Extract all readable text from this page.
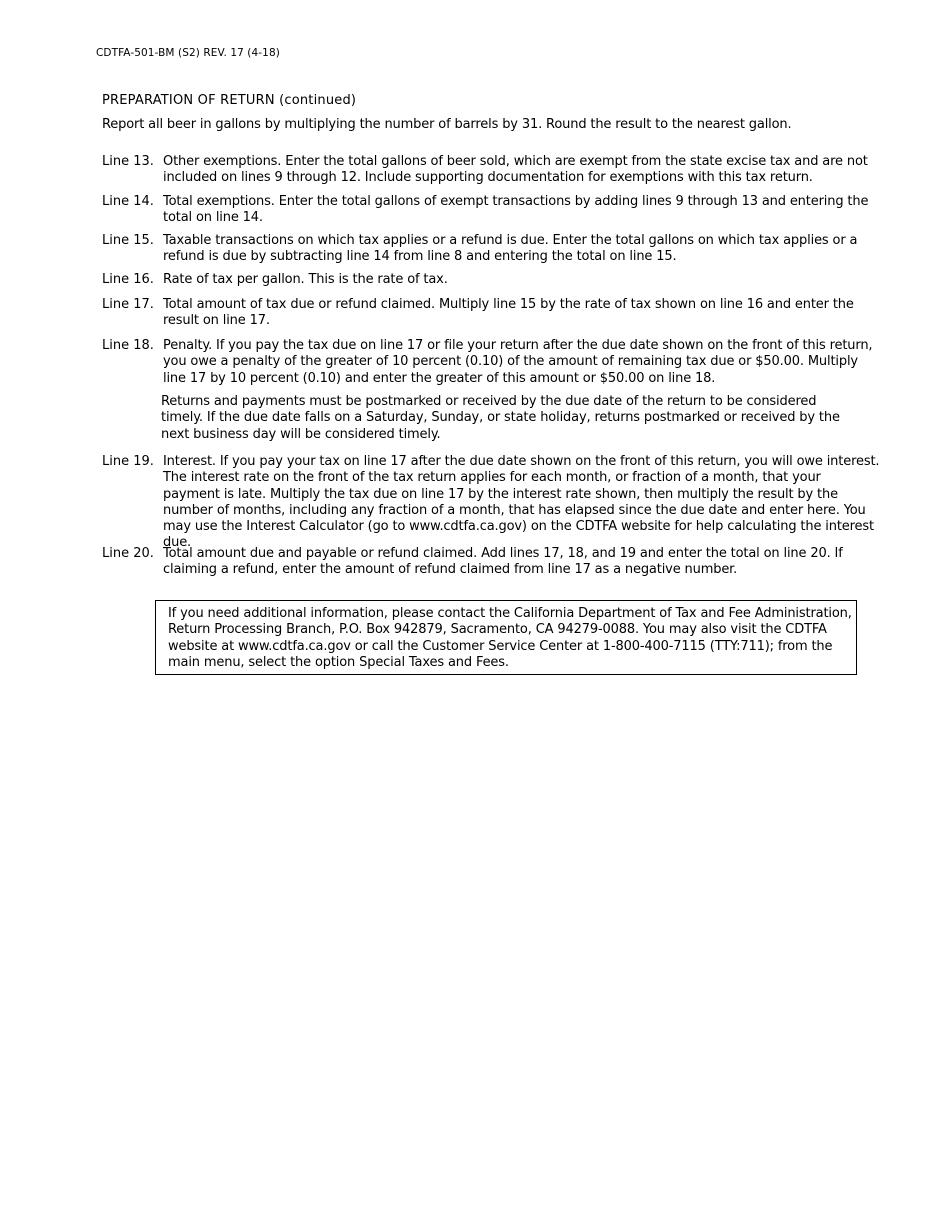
CDTFA-501-BM (S2) REV. 17 (4-18)
PREPARATION OF RETURN (continued)
Report all beer in gallons by multiplying the number of barrels by 31. Round the result to the nearest gallon.
Line 13. Other exemptions. Enter the total gallons of beer sold, which are exempt from the state excise tax and are not included on lines 9 through 12. Include supporting documentation for exemptions with this tax return.
Line 14. Total exemptions. Enter the total gallons of exempt transactions by adding lines 9 through 13 and entering the total on line 14.
Line 15. Taxable transactions on which tax applies or a refund is due. Enter the total gallons on which tax applies or a refund is due by subtracting line 14 from line 8 and entering the total on line 15.
Line 16. Rate of tax per gallon. This is the rate of tax.
Line 17. Total amount of tax due or refund claimed. Multiply line 15 by the rate of tax shown on line 16 and enter the result on line 17.
Line 18. Penalty. If you pay the tax due on line 17 or file your return after the due date shown on the front of this return, you owe a penalty of the greater of 10 percent (0.10) of the amount of remaining tax due or $50.00. Multiply line 17 by 10 percent (0.10) and enter the greater of this amount or $50.00 on line 18.
Returns and payments must be postmarked or received by the due date of the return to be considered timely. If the due date falls on a Saturday, Sunday, or state holiday, returns postmarked or received by the next business day will be considered timely.
Line 19. Interest. If you pay your tax on line 17 after the due date shown on the front of this return, you will owe interest. The interest rate on the front of the tax return applies for each month, or fraction of a month, that your payment is late. Multiply the tax due on line 17 by the interest rate shown, then multiply the result by the number of months, including any fraction of a month, that has elapsed since the due date and enter here. You may use the Interest Calculator (go to www.cdtfa.ca.gov) on the CDTFA website for help calculating the interest due.
Line 20. Total amount due and payable or refund claimed. Add lines 17, 18, and 19 and enter the total on line 20. If claiming a refund, enter the amount of refund claimed from line 17 as a negative number.
If you need additional information, please contact the California Department of Tax and Fee Administration, Return Processing Branch, P.O. Box 942879, Sacramento, CA 94279-0088. You may also visit the CDTFA website at www.cdtfa.ca.gov or call the Customer Service Center at 1-800-400-7115 (TTY:711); from the main menu, select the option Special Taxes and Fees.
